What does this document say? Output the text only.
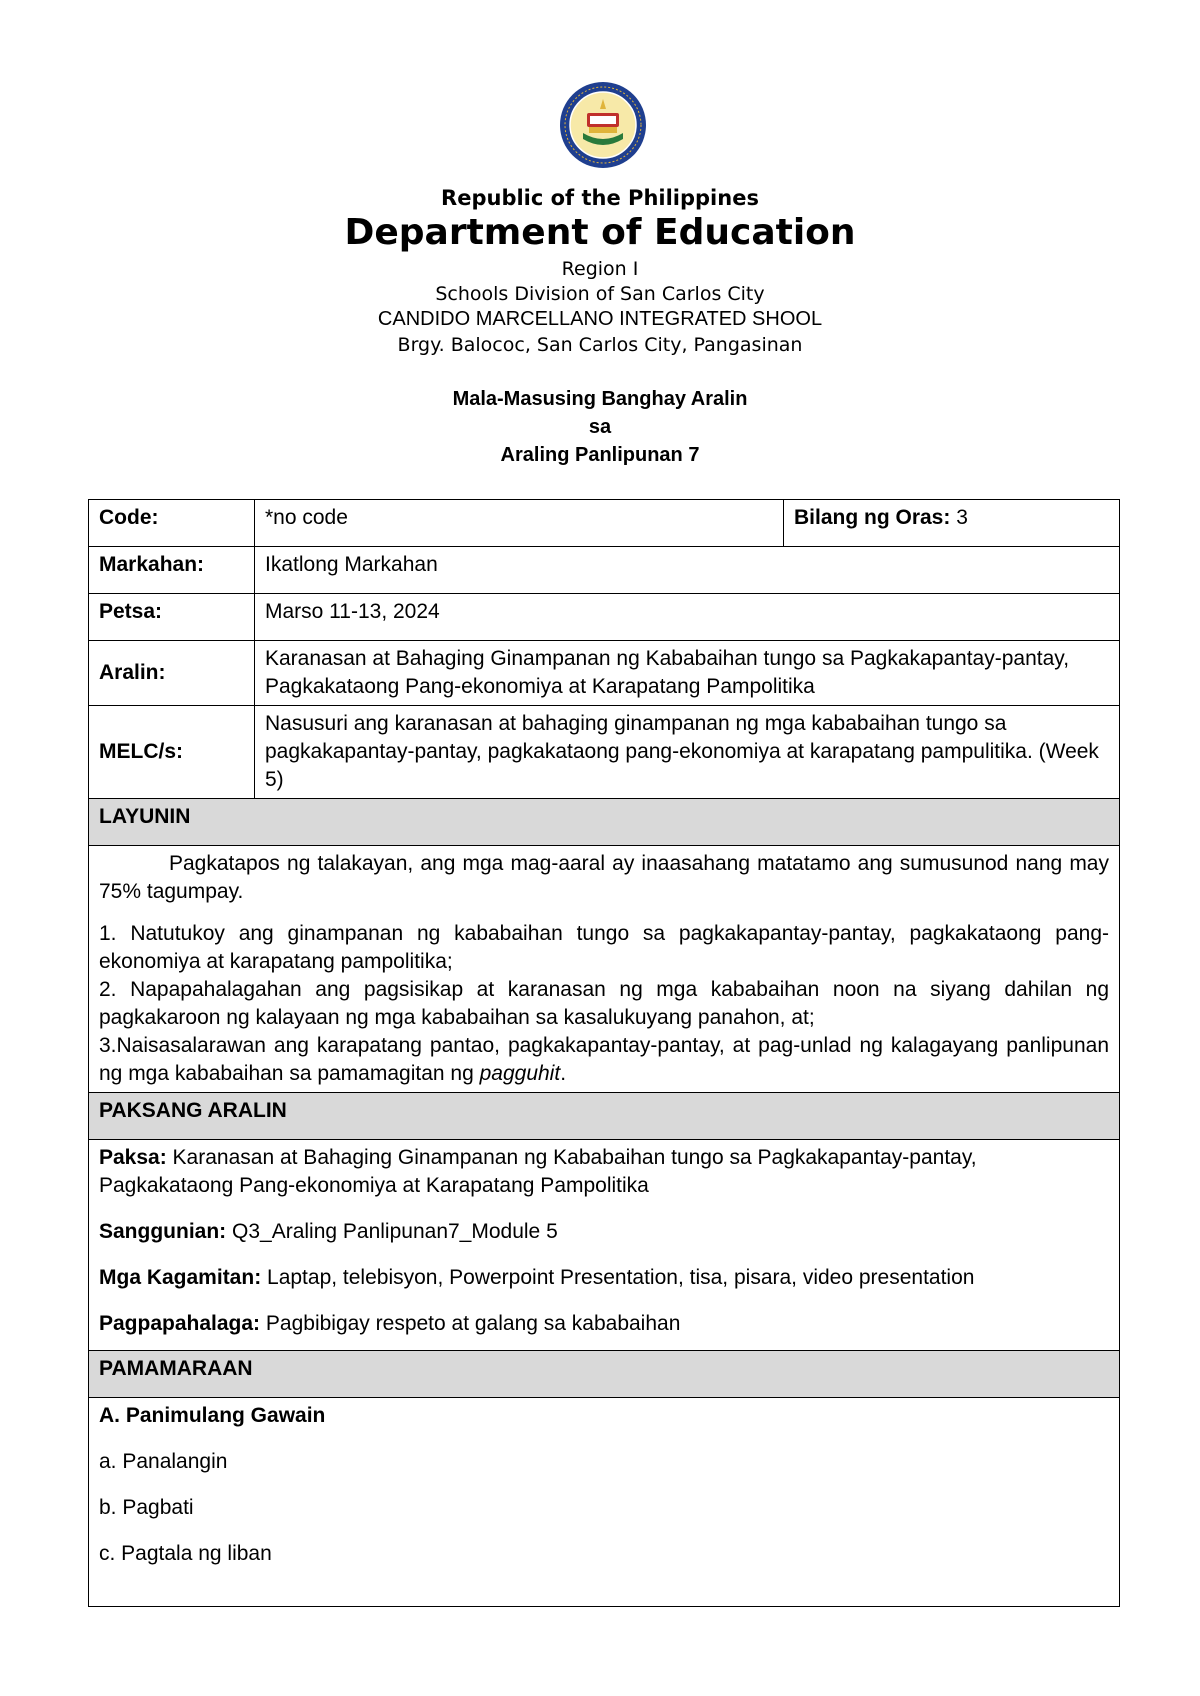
Republic of the Philippines
Department of Education
Region I
Schools Division of San Carlos City
CANDIDO MARCELLANO INTEGRATED SHOOL
Brgy. Balococ, San Carlos City, Pangasinan
Mala-Masusing Banghay Aralin
sa
Araling Panlipunan 7
Code:	*no code	Bilang ng Oras: 3
Markahan:	Ikatlong Markahan	
Petsa:	Marso 11-13, 2024	
Aralin:	Karanasan at Bahaging Ginampanan ng Kababaihan tungo sa Pagkakapantay-pantay, Pagkakataong Pang-ekonomiya at Karapatang Pampolitika	
MELC/s:	Nasusuri ang karanasan at bahaging ginampanan ng mga kababaihan tungo sa pagkakapantay-pantay, pagkakataong pang-ekonomiya at karapatang pampulitika. (Week 5)	
LAYUNIN		

Pagkatapos ng talakayan, ang mga mag-aaral ay inaasahang matatamo ang sumusunod nang may 75% tagumpay.

1. Natutukoy ang ginampanan ng kababaihan tungo sa pagkakapantay-pantay, pagkakataong pang-ekonomiya at karapatang pampolitika;

2. Napapahalagahan ang pagsisikap at karanasan ng mga kababaihan noon na siyang dahilan ng pagkakaroon ng kalayaan ng mga kababaihan sa kasalukuyang panahon, at;

3.Naisasalarawan ang karapatang pantao, pagkakapantay-pantay, at pag-unlad ng kalagayang panlipunan ng mga kababaihan sa pamamagitan ng pagguhit.		

PAKSANG ARALIN		

Paksa: Karanasan at Bahaging Ginampanan ng Kababaihan tungo sa Pagkakapantay-pantay, Pagkakataong Pang-ekonomiya at Karapatang Pampolitika

Sanggunian: Q3_Araling Panlipunan7_Module 5

Mga Kagamitan: Laptap, telebisyon, Powerpoint Presentation, tisa, pisara, video presentation

Pagpapahalaga: Pagbibigay respeto at galang sa kababaihan		

PAMAMARAAN		

A. Panimulang Gawain

a. Panalangin

b. Pagbati

c. Pagtala ng liban		
